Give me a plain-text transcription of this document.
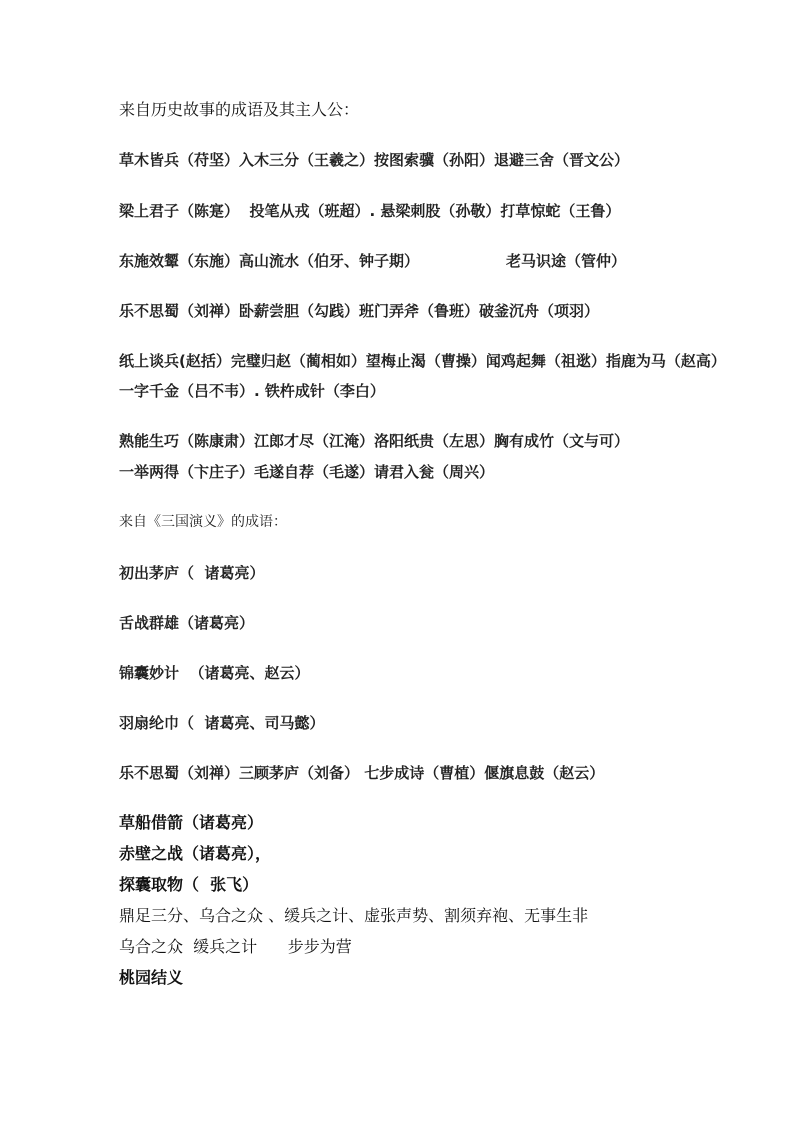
来自历史故事的成语及其主人公：
草木皆兵（苻坚）入木三分（王羲之）按图索骥（孙阳）退避三舍（晋文公）
梁上君子（陈寔）  投笔从戎（班超）. 悬梁刺股（孙敬）打草惊蛇（王鲁）
东施效颦（东施）高山流水（伯牙、钟子期）	老马识途（管仲）
乐不思蜀（刘禅）卧薪尝胆（勾践）班门弄斧（鲁班）破釜沉舟（项羽）
纸上谈兵(赵括）完璧归赵（蔺相如）望梅止渴（曹操）闻鸡起舞（祖逖）指鹿为马（赵高）
一字千金（吕不韦）. 铁杵成针（李白）
熟能生巧（陈康肃）江郎才尽（江淹）洛阳纸贵（左思）胸有成竹（文与可）
一举两得（卞庄子）毛遂自荐（毛遂）请君入瓮（周兴）
来自《三国演义》的成语：
初出茅庐（  诸葛亮）
舌战群雄（诸葛亮）
锦囊妙计  （诸葛亮、赵云）
羽扇纶巾（  诸葛亮、司马懿）
乐不思蜀（刘禅）三顾茅庐（刘备） 七步成诗（曹植）偃旗息鼓（赵云）
草船借箭（诸葛亮）
赤壁之战（诸葛亮），
探囊取物（  张飞）
鼎足三分、乌合之众 、缓兵之计、虚张声势、割须弃袍、无事生非
乌合之众  缓兵之计      步步为营
桃园结义
